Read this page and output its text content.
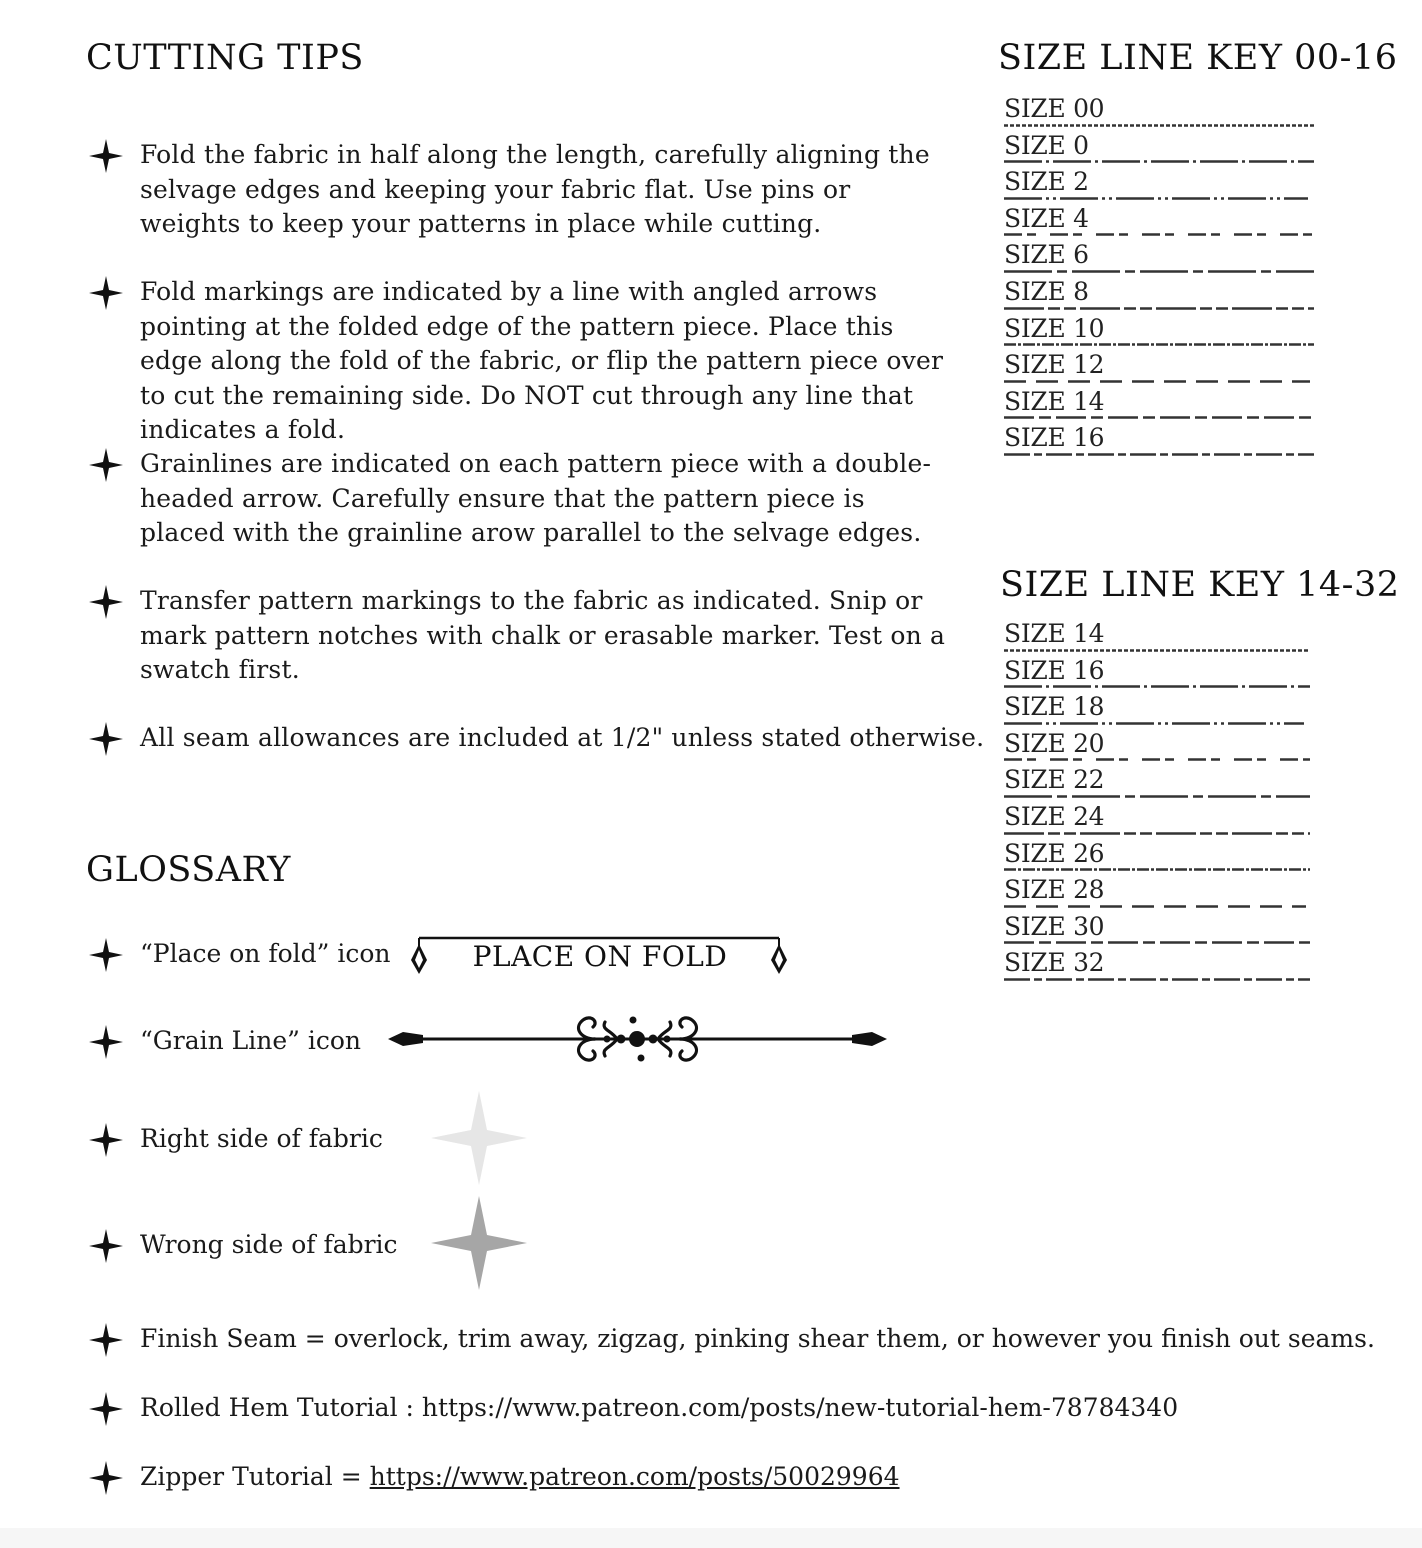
CUTTING TIPS
Fold the fabric in half along the length, carefully aligning the selvage edges and keeping your fabric flat. Use pins or weights to keep your patterns in place while cutting.
Fold markings are indicated by a line with angled arrows pointing at the folded edge of the pattern piece. Place this edge along the fold of the fabric, or flip the pattern piece over to cut the remaining side. Do NOT cut through any line that indicates a fold.
Grainlines are indicated on each pattern piece with a double-headed arrow. Carefully ensure that the pattern piece is placed with the grainline arow parallel to the selvage edges.
Transfer pattern markings to the fabric as indicated. Snip or mark pattern notches with chalk or erasable marker. Test on a swatch first.
All seam allowances are included at 1/2" unless stated otherwise.
GLOSSARY
“Place on fold” icon	PLACE ON FOLD
“Grain Line” icon
Right side of fabric
Wrong side of fabric
Finish Seam = overlock, trim away, zigzag, pinking shear them, or however you finish out seams.
Rolled Hem Tutorial : https://www.patreon.com/posts/new-tutorial-hem-78784340
Zipper Tutorial = https://www.patreon.com/posts/50029964
SIZE LINE KEY 00-16
SIZE 00
SIZE 0
SIZE 2
SIZE 4
SIZE 6
SIZE 8
SIZE 10
SIZE 12
SIZE 14
SIZE 16
SIZE LINE KEY 14-32
SIZE 14
SIZE 16
SIZE 18
SIZE 20
SIZE 22
SIZE 24
SIZE 26
SIZE 28
SIZE 30
SIZE 32
